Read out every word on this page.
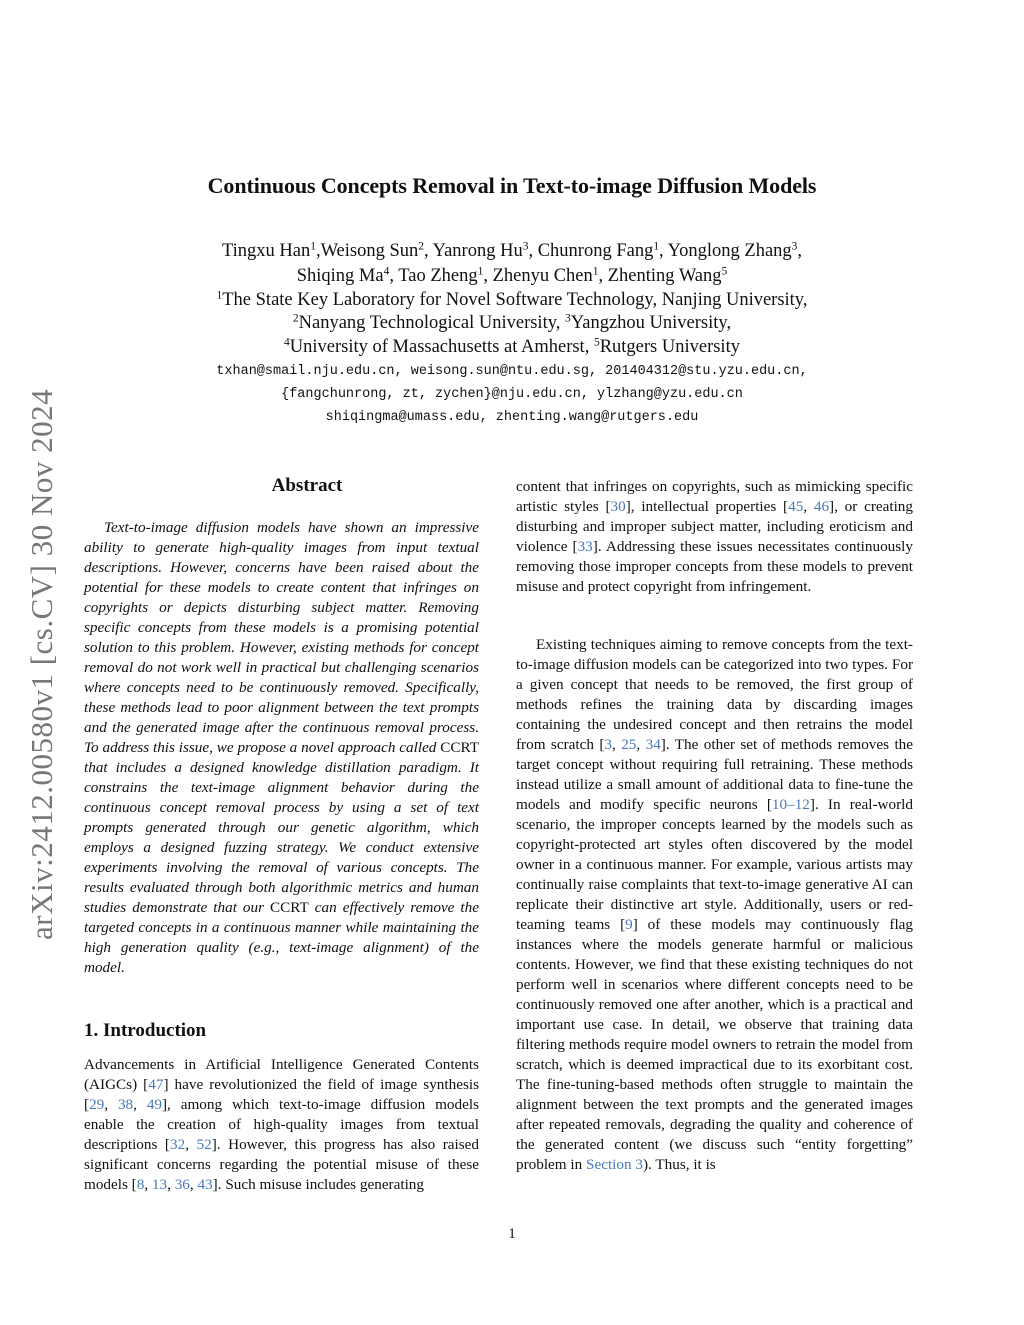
arXiv:2412.00580v1 [cs.CV] 30 Nov 2024
Continuous Concepts Removal in Text-to-image Diffusion Models
Tingxu Han$^1$,Weisong Sun$^2$, Yanrong Hu$^3$, Chunrong Fang$^1$, Yonglong Zhang$^3$,
Shiqing Ma$^4$, Tao Zheng$^1$, Zhenyu Chen$^1$, Zhenting Wang$^5$
$^1$The State Key Laboratory for Novel Software Technology, Nanjing University,
$^2$Nanyang Technological University, $^3$Yangzhou University,
$^4$University of Massachusetts at Amherst, $^5$Rutgers University
txhan@smail.nju.edu.cn, weisong.sun@ntu.edu.sg, 201404312@stu.yzu.edu.cn,
{fangchunrong, zt, zychen}@nju.edu.cn, ylzhang@yzu.edu.cn
shiqingma@umass.edu, zhenting.wang@rutgers.edu
Abstract

Text-to-image diffusion models have shown an impressive ability to generate high-quality images from input textual descriptions. However, concerns have been raised about the potential for these models to create content that infringes on copyrights or depicts disturbing subject matter. Removing specific concepts from these models is a promising potential solution to this problem. However, existing methods for concept removal do not work well in practical but challenging scenarios where concepts need to be continuously removed. Specifically, these methods lead to poor alignment between the text prompts and the generated image after the continuous removal process. To address this issue, we propose a novel approach called CCRT that includes a designed knowledge distillation paradigm. It constrains the text-image alignment behavior during the continuous concept removal process by using a set of text prompts generated through our genetic algorithm, which employs a designed fuzzing strategy. We conduct extensive experiments involving the removal of various concepts. The results evaluated through both algorithmic metrics and human studies demonstrate that our CCRT can effectively remove the targeted concepts in a continuous manner while maintaining the high generation quality (e.g., text-image alignment) of the model.

1. Introduction

Advancements in Artificial Intelligence Generated Contents (AIGCs) [47] have revolutionized the field of image synthesis [29, 38, 49], among which text-to-image diffusion models enable the creation of high-quality images from textual descriptions [32, 52]. However, this progress has also raised significant concerns regarding the potential misuse of these models [8, 13, 36, 43]. Such misuse includes generating

content that infringes on copyrights, such as mimicking specific artistic styles [30], intellectual properties [45, 46], or creating disturbing and improper subject matter, including eroticism and violence [33]. Addressing these issues necessitates continuously removing those improper concepts from these models to prevent misuse and protect copyright from infringement.

Existing techniques aiming to remove concepts from the text-to-image diffusion models can be categorized into two types. For a given concept that needs to be removed, the first group of methods refines the training data by discarding images containing the undesired concept and then retrains the model from scratch [3, 25, 34]. The other set of methods removes the target concept without requiring full retraining. These methods instead utilize a small amount of additional data to fine-tune the models and modify specific neurons [10–12]. In real-world scenario, the improper concepts learned by the models such as copyright-protected art styles often discovered by the model owner in a continuous manner. For example, various artists may continually raise complaints that text-to-image generative AI can replicate their distinctive art style. Additionally, users or red-teaming teams [9] of these models may continuously flag instances where the models generate harmful or malicious contents. However, we find that these existing techniques do not perform well in scenarios where different concepts need to be continuously removed one after another, which is a practical and important use case. In detail, we observe that training data filtering methods require model owners to retrain the model from scratch, which is deemed impractical due to its exorbitant cost. The fine-tuning-based methods often struggle to maintain the alignment between the text prompts and the generated images after repeated removals, degrading the quality and coherence of the generated content (we discuss such “entity forgetting” problem in Section 3). Thus, it is

1
